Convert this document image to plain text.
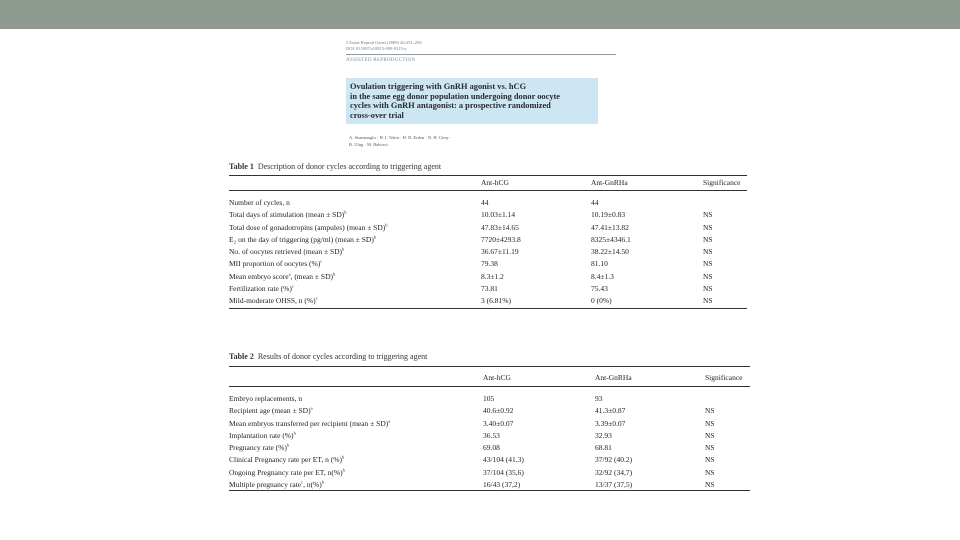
J Assist Reprod Genet (2009) 26:251–256
DOI 10.1007/s10815-009-9315-y
ASSISTED REPRODUCTION
Ovulation triggering with GnRH agonist vs. hCG
in the same egg donor population undergoing donor oocyte
cycles with GnRH antagonist: a prospective randomized
cross-over trial
A. Sismanoglu · H. I. Tekin · H. B. Erden · N. H. Ciray ·
B. Ulug · M. Bahceci
Table 1 Description of donor cycles according to triggering agent
Ant-hCG	Ant-GnRHa	Significance
Number of cycles, n	44	44
Total days of stimulation (mean ± SD)$^b$	10.03±1.14	10.19±0.83	NS
Total dose of gonadotropins (ampules) (mean ± SD)$^b$	47.83±14.65	47.41±13.82	NS
E₂ on the day of triggering (pg/ml) (mean ± SD)$^b$	7720±4293.8	8325±4346.1	NS
No. of oocytes retrieved (mean ± SD)$^b$	36.67±11.19	38.22±14.50	NS
MII proportion of oocytes (%)$^c$	79.38	81.10	NS
Mean embryo score$^a$, (mean ± SD)$^b$	8.3±1.2	8.4±1.3	NS
Fertilization rate (%)$^c$	73.81	75.43	NS
Mild-moderate OHSS, n (%)$^c$	3 (6.81%)	0 (0%)	NS
Table 2 Results of donor cycles according to triggering agent
Ant-hCG	Ant-GnRHa	Significance
Embryo replacements, n	105	93
Recipient age (mean ± SD)$^a$	40.6±0.92	41.3±0.87	NS
Mean embryos transferred per recipient (mean ± SD)$^a$	3.40±0.07	3.39±0.07	NS
Implantation rate (%)$^b$	36.53	32.93	NS
Pregnancy rate (%)$^b$	69.08	68.81	NS
Clinical Pregnancy rate per ET, n (%)$^b$	43/104 (41.3)	37/92 (40.2)	NS
Ongoing Pregnancy rate per ET, n(%)$^b$	37/104 (35,6)	32/92 (34,7)	NS
Multiple pregnancy rate$^c$, n(%)$^b$	16/43 (37,2)	13/37 (37,5)	NS
